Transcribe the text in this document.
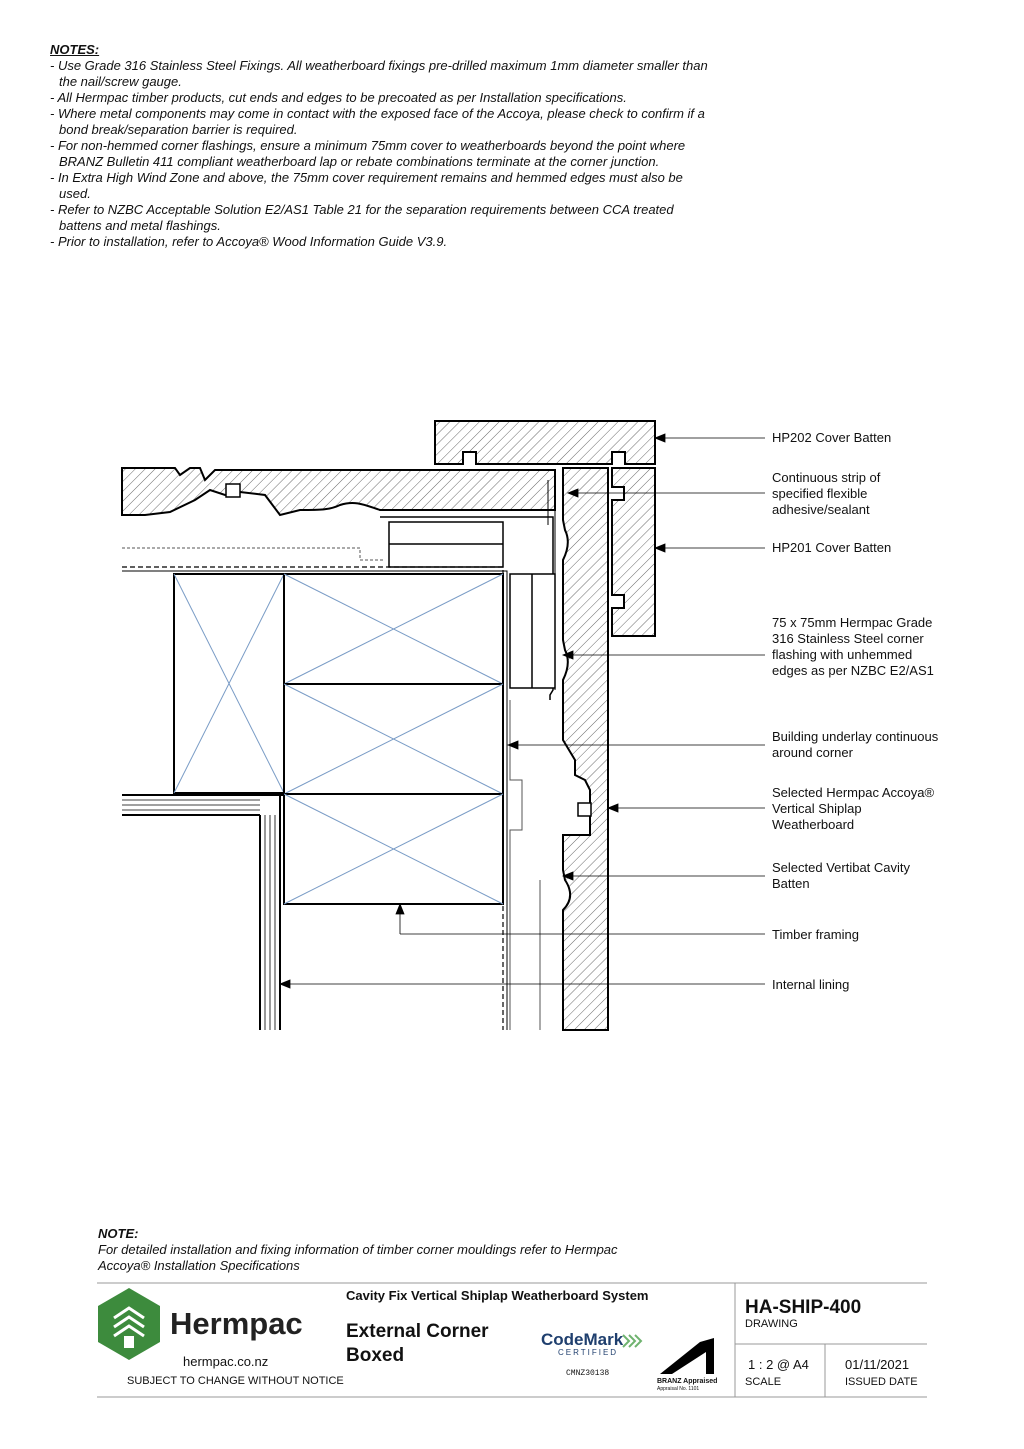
NOTES:
- Use Grade 316 Stainless Steel Fixings. All weatherboard fixings pre-drilled maximum 1mm diameter smaller than the nail/screw gauge.
- All Hermpac timber products, cut ends and edges to be precoated as per Installation specifications.
- Where metal components may come in contact with the exposed face of the Accoya, please check to confirm if a bond break/separation barrier is required.
- For non-hemmed corner flashings, ensure a minimum 75mm cover to weatherboards beyond the point where BRANZ Bulletin 411 compliant weatherboard lap or rebate combinations terminate at the corner junction.
- In Extra High Wind Zone and above, the 75mm cover requirement remains and hemmed edges must also be used.
- Refer to NZBC Acceptable Solution E2/AS1 Table 21 for the separation requirements between CCA treated battens and metal flashings.
- Prior to installation, refer to Accoya® Wood Information Guide V3.9.
HP202 Cover Batten
Continuous strip of specified flexible adhesive/sealant
HP201 Cover Batten
75 x 75mm Hermpac Grade 316 Stainless Steel corner flashing with unhemmed edges as per NZBC E2/AS1
Building underlay continuous around corner
Selected Hermpac Accoya® Vertical Shiplap Weatherboard
Selected Vertibat Cavity Batten
Timber framing
Internal lining
NOTE:
For detailed installation and fixing information of timber corner mouldings refer to Hermpac Accoya® Installation Specifications
Hermpac
hermpac.co.nz
SUBJECT TO CHANGE WITHOUT NOTICE
Cavity Fix Vertical Shiplap Weatherboard System
External Corner Boxed
CodeMark
CERTIFIED
CMNZ30138
BRANZ Appraised
Appraisal No. 1101
HA-SHIP-400
DRAWING
1 : 2 @ A4
SCALE
01/11/2021
ISSUED DATE
